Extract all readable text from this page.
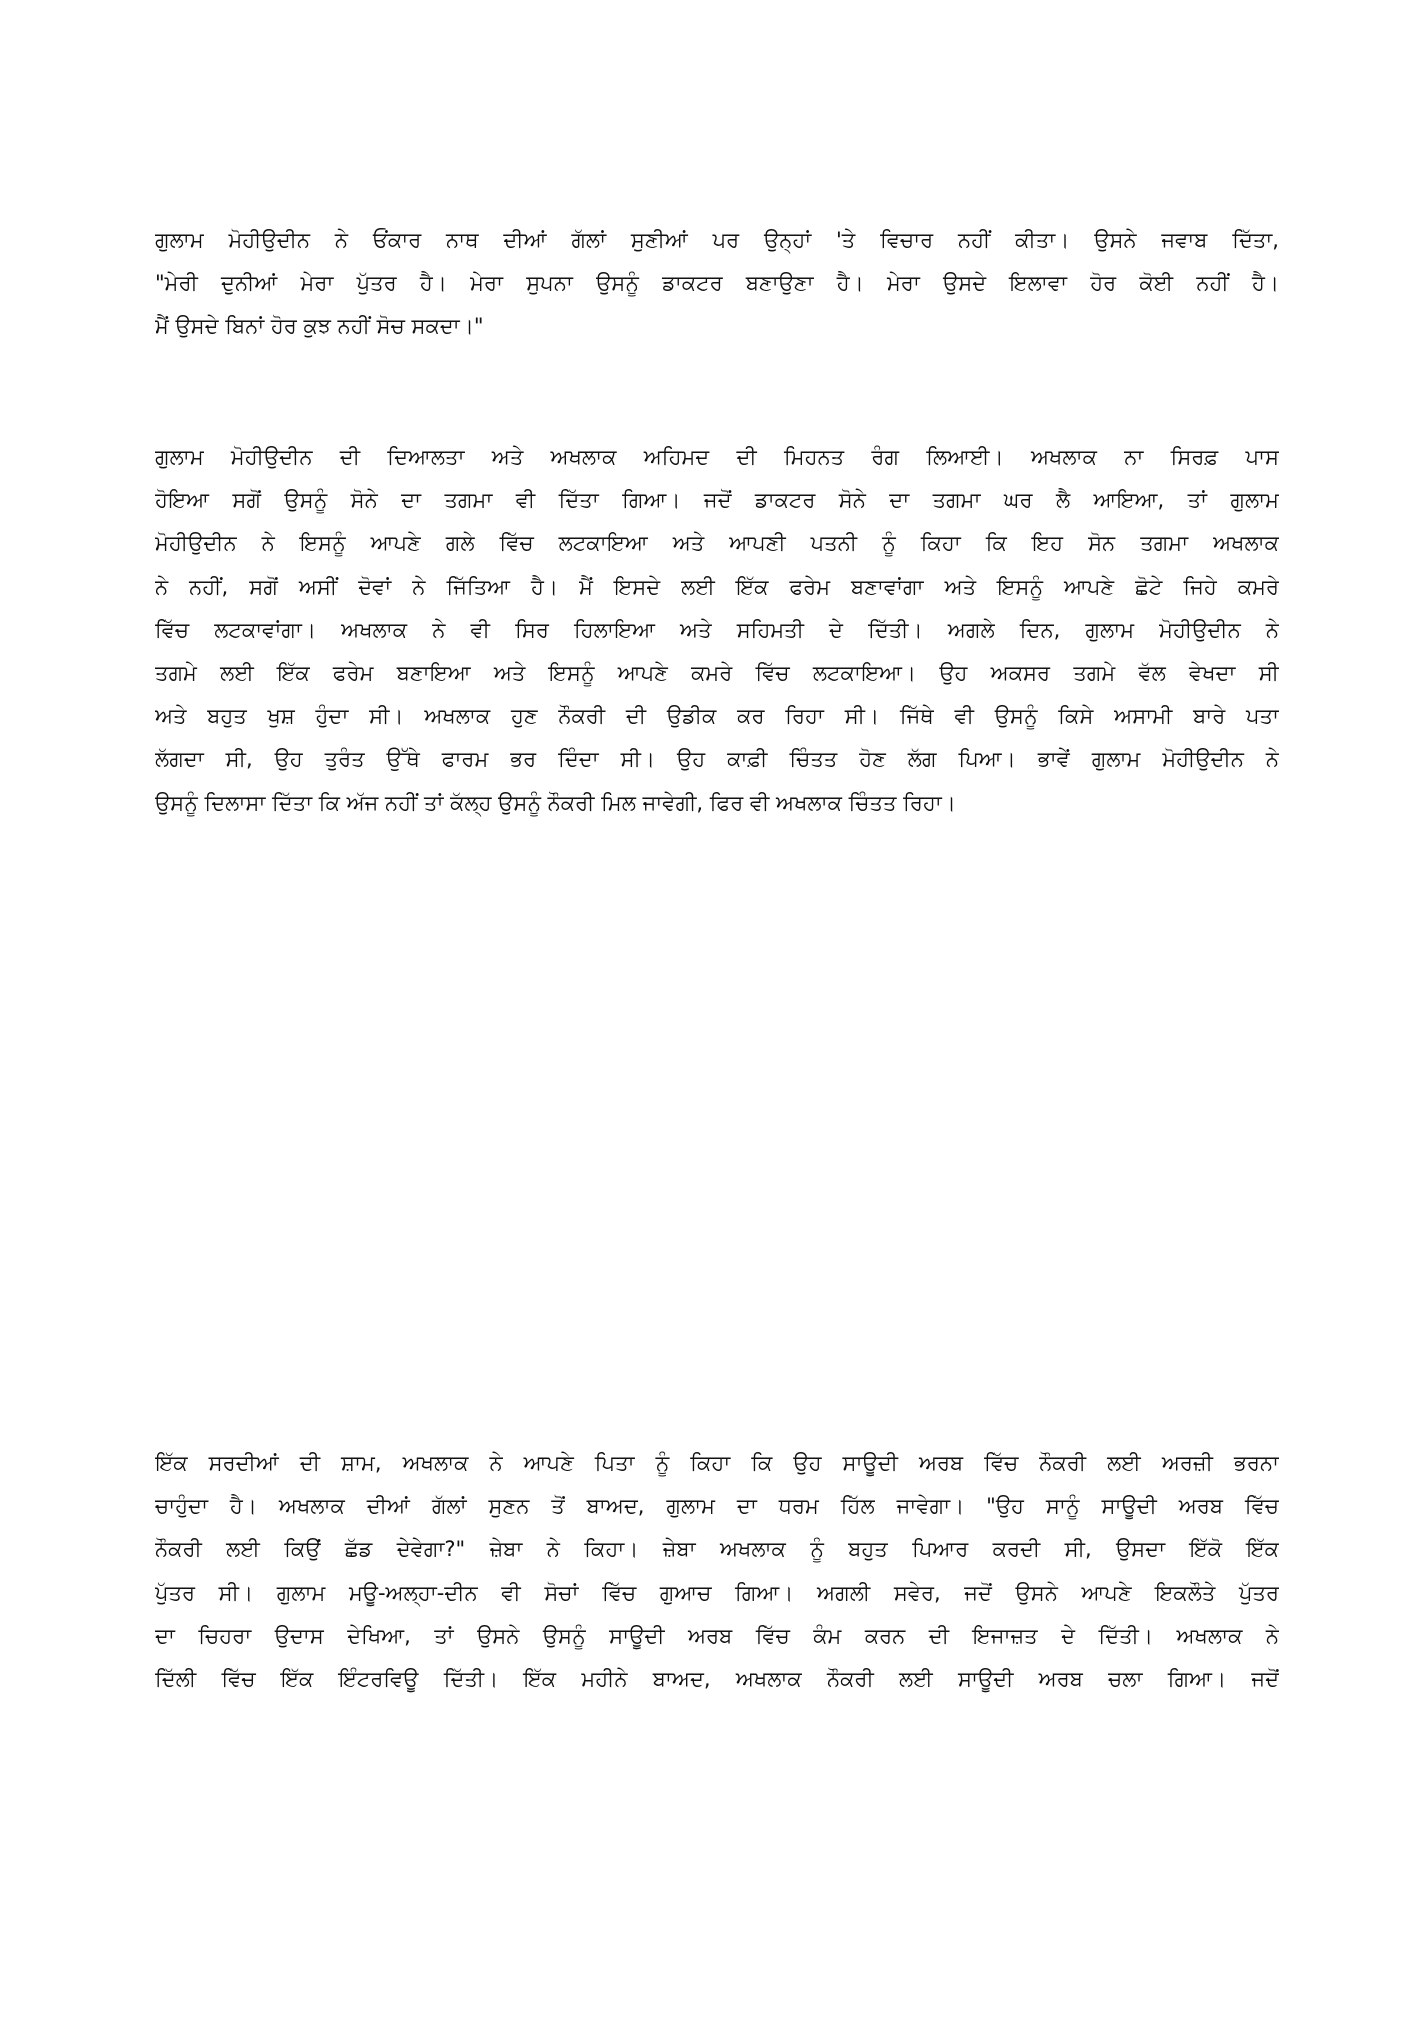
ਗੁਲਾਮ ਮੋਹੀਉਦੀਨ ਨੇ ਓਂਕਾਰ ਨਾਥ ਦੀਆਂ ਗੱਲਾਂ ਸੁਣੀਆਂ ਪਰ ਉਨ੍ਹਾਂ 'ਤੇ ਵਿਚਾਰ ਨਹੀਂ ਕੀਤਾ। ਉਸਨੇ ਜਵਾਬ ਦਿੱਤਾ,
"ਮੇਰੀ ਦੁਨੀਆਂ ਮੇਰਾ ਪੁੱਤਰ ਹੈ। ਮੇਰਾ ਸੁਪਨਾ ਉਸਨੂੰ ਡਾਕਟਰ ਬਣਾਉਣਾ ਹੈ। ਮੇਰਾ ਉਸਦੇ ਇਲਾਵਾ ਹੋਰ ਕੋਈ ਨਹੀਂ ਹੈ।
ਮੈਂ ਉਸਦੇ ਬਿਨਾਂ ਹੋਰ ਕੁਝ ਨਹੀਂ ਸੋਚ ਸਕਦਾ।"
ਗੁਲਾਮ ਮੋਹੀਉਦੀਨ ਦੀ ਦਿਆਲਤਾ ਅਤੇ ਅਖਲਾਕ ਅਹਿਮਦ ਦੀ ਮਿਹਨਤ ਰੰਗ ਲਿਆਈ। ਅਖਲਾਕ ਨਾ ਸਿਰਫ਼ ਪਾਸ
ਹੋਇਆ ਸਗੋਂ ਉਸਨੂੰ ਸੋਨੇ ਦਾ ਤਗਮਾ ਵੀ ਦਿੱਤਾ ਗਿਆ। ਜਦੋਂ ਡਾਕਟਰ ਸੋਨੇ ਦਾ ਤਗਮਾ ਘਰ ਲੈ ਆਇਆ, ਤਾਂ ਗੁਲਾਮ
ਮੋਹੀਉਦੀਨ ਨੇ ਇਸਨੂੰ ਆਪਣੇ ਗਲੇ ਵਿੱਚ ਲਟਕਾਇਆ ਅਤੇ ਆਪਣੀ ਪਤਨੀ ਨੂੰ ਕਿਹਾ ਕਿ ਇਹ ਸੋਨ ਤਗਮਾ ਅਖਲਾਕ
ਨੇ ਨਹੀਂ, ਸਗੋਂ ਅਸੀਂ ਦੋਵਾਂ ਨੇ ਜਿੱਤਿਆ ਹੈ। ਮੈਂ ਇਸਦੇ ਲਈ ਇੱਕ ਫਰੇਮ ਬਣਾਵਾਂਗਾ ਅਤੇ ਇਸਨੂੰ ਆਪਣੇ ਛੋਟੇ ਜਿਹੇ ਕਮਰੇ
ਵਿੱਚ ਲਟਕਾਵਾਂਗਾ। ਅਖਲਾਕ ਨੇ ਵੀ ਸਿਰ ਹਿਲਾਇਆ ਅਤੇ ਸਹਿਮਤੀ ਦੇ ਦਿੱਤੀ। ਅਗਲੇ ਦਿਨ, ਗੁਲਾਮ ਮੋਹੀਉਦੀਨ ਨੇ
ਤਗਮੇ ਲਈ ਇੱਕ ਫਰੇਮ ਬਣਾਇਆ ਅਤੇ ਇਸਨੂੰ ਆਪਣੇ ਕਮਰੇ ਵਿੱਚ ਲਟਕਾਇਆ। ਉਹ ਅਕਸਰ ਤਗਮੇ ਵੱਲ ਵੇਖਦਾ ਸੀ
ਅਤੇ ਬਹੁਤ ਖੁਸ਼ ਹੁੰਦਾ ਸੀ। ਅਖਲਾਕ ਹੁਣ ਨੌਕਰੀ ਦੀ ਉਡੀਕ ਕਰ ਰਿਹਾ ਸੀ। ਜਿੱਥੇ ਵੀ ਉਸਨੂੰ ਕਿਸੇ ਅਸਾਮੀ ਬਾਰੇ ਪਤਾ
ਲੱਗਦਾ ਸੀ, ਉਹ ਤੁਰੰਤ ਉੱਥੇ ਫਾਰਮ ਭਰ ਦਿੰਦਾ ਸੀ। ਉਹ ਕਾਫ਼ੀ ਚਿੰਤਤ ਹੋਣ ਲੱਗ ਪਿਆ। ਭਾਵੇਂ ਗੁਲਾਮ ਮੋਹੀਉਦੀਨ ਨੇ
ਉਸਨੂੰ ਦਿਲਾਸਾ ਦਿੱਤਾ ਕਿ ਅੱਜ ਨਹੀਂ ਤਾਂ ਕੱਲ੍ਹ ਉਸਨੂੰ ਨੌਕਰੀ ਮਿਲ ਜਾਵੇਗੀ, ਫਿਰ ਵੀ ਅਖਲਾਕ ਚਿੰਤਤ ਰਿਹਾ।
ਇੱਕ ਸਰਦੀਆਂ ਦੀ ਸ਼ਾਮ, ਅਖਲਾਕ ਨੇ ਆਪਣੇ ਪਿਤਾ ਨੂੰ ਕਿਹਾ ਕਿ ਉਹ ਸਾਊਦੀ ਅਰਬ ਵਿੱਚ ਨੌਕਰੀ ਲਈ ਅਰਜ਼ੀ ਭਰਨਾ
ਚਾਹੁੰਦਾ ਹੈ। ਅਖਲਾਕ ਦੀਆਂ ਗੱਲਾਂ ਸੁਣਨ ਤੋਂ ਬਾਅਦ, ਗੁਲਾਮ ਦਾ ਧਰਮ ਹਿੱਲ ਜਾਵੇਗਾ। "ਉਹ ਸਾਨੂੰ ਸਾਊਦੀ ਅਰਬ ਵਿੱਚ
ਨੌਕਰੀ ਲਈ ਕਿਉਂ ਛੱਡ ਦੇਵੇਗਾ?" ਜ਼ੇਬਾ ਨੇ ਕਿਹਾ। ਜ਼ੇਬਾ ਅਖਲਾਕ ਨੂੰ ਬਹੁਤ ਪਿਆਰ ਕਰਦੀ ਸੀ, ਉਸਦਾ ਇੱਕੋ ਇੱਕ
ਪੁੱਤਰ ਸੀ। ਗੁਲਾਮ ਮਊ-ਅਲ੍ਹਾ-ਦੀਨ ਵੀ ਸੋਚਾਂ ਵਿੱਚ ਗੁਆਚ ਗਿਆ। ਅਗਲੀ ਸਵੇਰ, ਜਦੋਂ ਉਸਨੇ ਆਪਣੇ ਇਕਲੌਤੇ ਪੁੱਤਰ
ਦਾ ਚਿਹਰਾ ਉਦਾਸ ਦੇਖਿਆ, ਤਾਂ ਉਸਨੇ ਉਸਨੂੰ ਸਾਊਦੀ ਅਰਬ ਵਿੱਚ ਕੰਮ ਕਰਨ ਦੀ ਇਜਾਜ਼ਤ ਦੇ ਦਿੱਤੀ। ਅਖਲਾਕ ਨੇ
ਦਿੱਲੀ ਵਿੱਚ ਇੱਕ ਇੰਟਰਵਿਊ ਦਿੱਤੀ। ਇੱਕ ਮਹੀਨੇ ਬਾਅਦ, ਅਖਲਾਕ ਨੌਕਰੀ ਲਈ ਸਾਊਦੀ ਅਰਬ ਚਲਾ ਗਿਆ। ਜਦੋਂ
